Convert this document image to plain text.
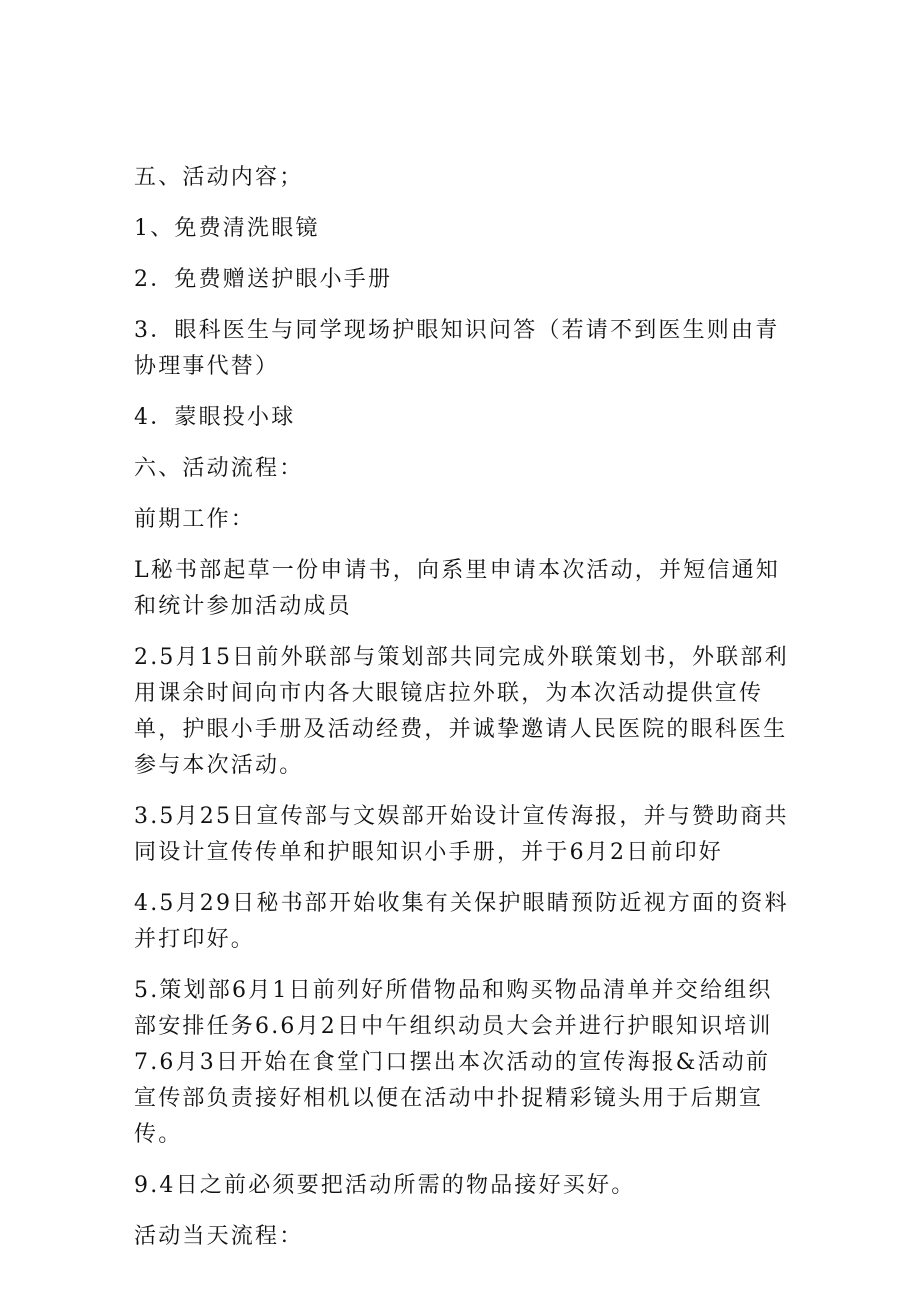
五、活动内容；

1、免费清洗眼镜

2．免费赠送护眼小手册

3．眼科医生与同学现场护眼知识问答（若请不到医生则由青协理事代替）

4．蒙眼投小球

六、活动流程：

前期工作：

L秘书部起草一份申请书，向系里申请本次活动，并短信通知和统计参加活动成员

2.5月15日前外联部与策划部共同完成外联策划书，外联部利用课余时间向市内各大眼镜店拉外联，为本次活动提供宣传单，护眼小手册及活动经费，并诚挚邀请人民医院的眼科医生参与本次活动。

3.5月25日宣传部与文娱部开始设计宣传海报，并与赞助商共同设计宣传传单和护眼知识小手册，并于6月2日前印好

4.5月29日秘书部开始收集有关保护眼睛预防近视方面的资料并打印好。

5.策划部6月1日前列好所借物品和购买物品清单并交给组织部安排任务6.6月2日中午组织动员大会并进行护眼知识培训7.6月3日开始在食堂门口摆出本次活动的宣传海报&活动前宣传部负责接好相机以便在活动中扑捉精彩镜头用于后期宣传。

9.4日之前必须要把活动所需的物品接好买好。

活动当天流程：
